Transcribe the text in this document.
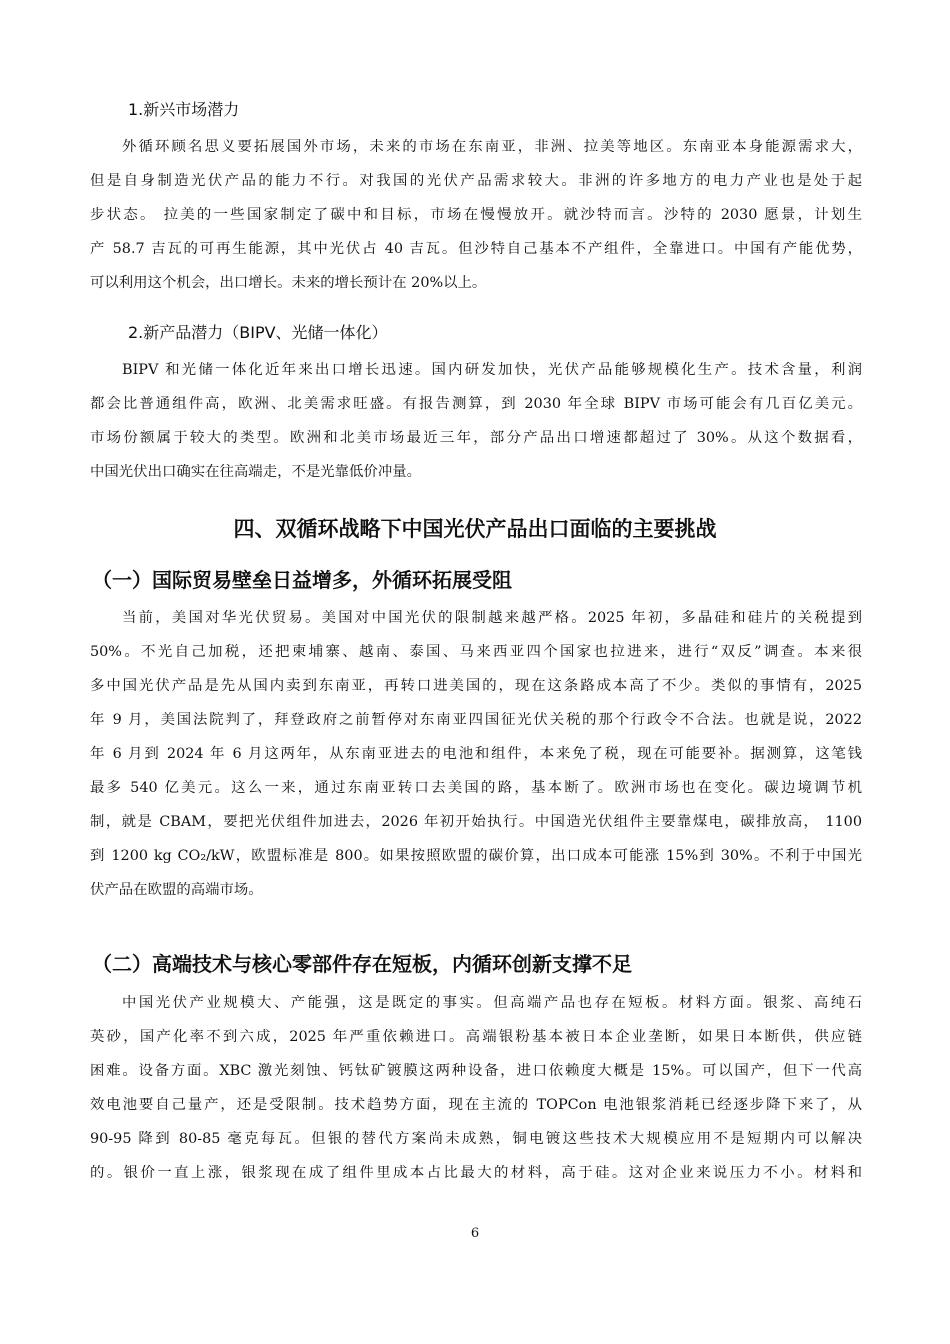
1.新兴市场潜力
外循环顾名思义要拓展国外市场，未来的市场在东南亚，非洲、拉美等地区。东南亚本身能源需求大，
但是自身制造光伏产品的能力不行。对我国的光伏产品需求较大。非洲的许多地方的电力产业也是处于起
步状态。 拉美的一些国家制定了碳中和目标，市场在慢慢放开。就沙特而言。沙特的 2030 愿景，计划生
产 58.7 吉瓦的可再生能源，其中光伏占 40 吉瓦。但沙特自己基本不产组件，全靠进口。中国有产能优势，
可以利用这个机会，出口增长。未来的增长预计在 20%以上。
2.新产品潜力（BIPV、光储一体化）
BIPV 和光储一体化近年来出口增长迅速。国内研发加快，光伏产品能够规模化生产。技术含量，利润
都会比普通组件高，欧洲、北美需求旺盛。有报告测算，到 2030 年全球 BIPV 市场可能会有几百亿美元。
市场份额属于较大的类型。欧洲和北美市场最近三年，部分产品出口增速都超过了 30%。从这个数据看，
中国光伏出口确实在往高端走，不是光靠低价冲量。
四、双循环战略下中国光伏产品出口面临的主要挑战
（一）国际贸易壁垒日益增多，外循环拓展受阻
当前，美国对华光伏贸易。美国对中国光伏的限制越来越严格。2025 年初，多晶硅和硅片的关税提到
50%。不光自己加税，还把柬埔寨、越南、泰国、马来西亚四个国家也拉进来，进行“双反”调查。本来很
多中国光伏产品是先从国内卖到东南亚，再转口进美国的，现在这条路成本高了不少。类似的事情有，2025
年 9 月，美国法院判了，拜登政府之前暂停对东南亚四国征光伏关税的那个行政令不合法。也就是说，2022
年 6 月到 2024 年 6 月这两年，从东南亚进去的电池和组件，本来免了税，现在可能要补。据测算，这笔钱
最多 540 亿美元。这么一来，通过东南亚转口去美国的路，基本断了。欧洲市场也在变化。碳边境调节机
制，就是 CBAM，要把光伏组件加进去，2026 年初开始执行。中国造光伏组件主要靠煤电，碳排放高， 1100
到 1200 kg CO₂/kW，欧盟标准是 800。如果按照欧盟的碳价算，出口成本可能涨 15%到 30%。不利于中国光
伏产品在欧盟的高端市场。
（二）高端技术与核心零部件存在短板，内循环创新支撑不足
中国光伏产业规模大、产能强，这是既定的事实。但高端产品也存在短板。材料方面。银浆、高纯石
英砂，国产化率不到六成，2025 年严重依赖进口。高端银粉基本被日本企业垄断，如果日本断供，供应链
困难。设备方面。XBC 激光刻蚀、钙钛矿镀膜这两种设备，进口依赖度大概是 15%。可以国产，但下一代高
效电池要自己量产，还是受限制。技术趋势方面，现在主流的 TOPCon 电池银浆消耗已经逐步降下来了，从
90-95 降到 80-85 毫克每瓦。但银的替代方案尚未成熟，铜电镀这些技术大规模应用不是短期内可以解决
的。银价一直上涨，银浆现在成了组件里成本占比最大的材料，高于硅。这对企业来说压力不小。材料和
6
